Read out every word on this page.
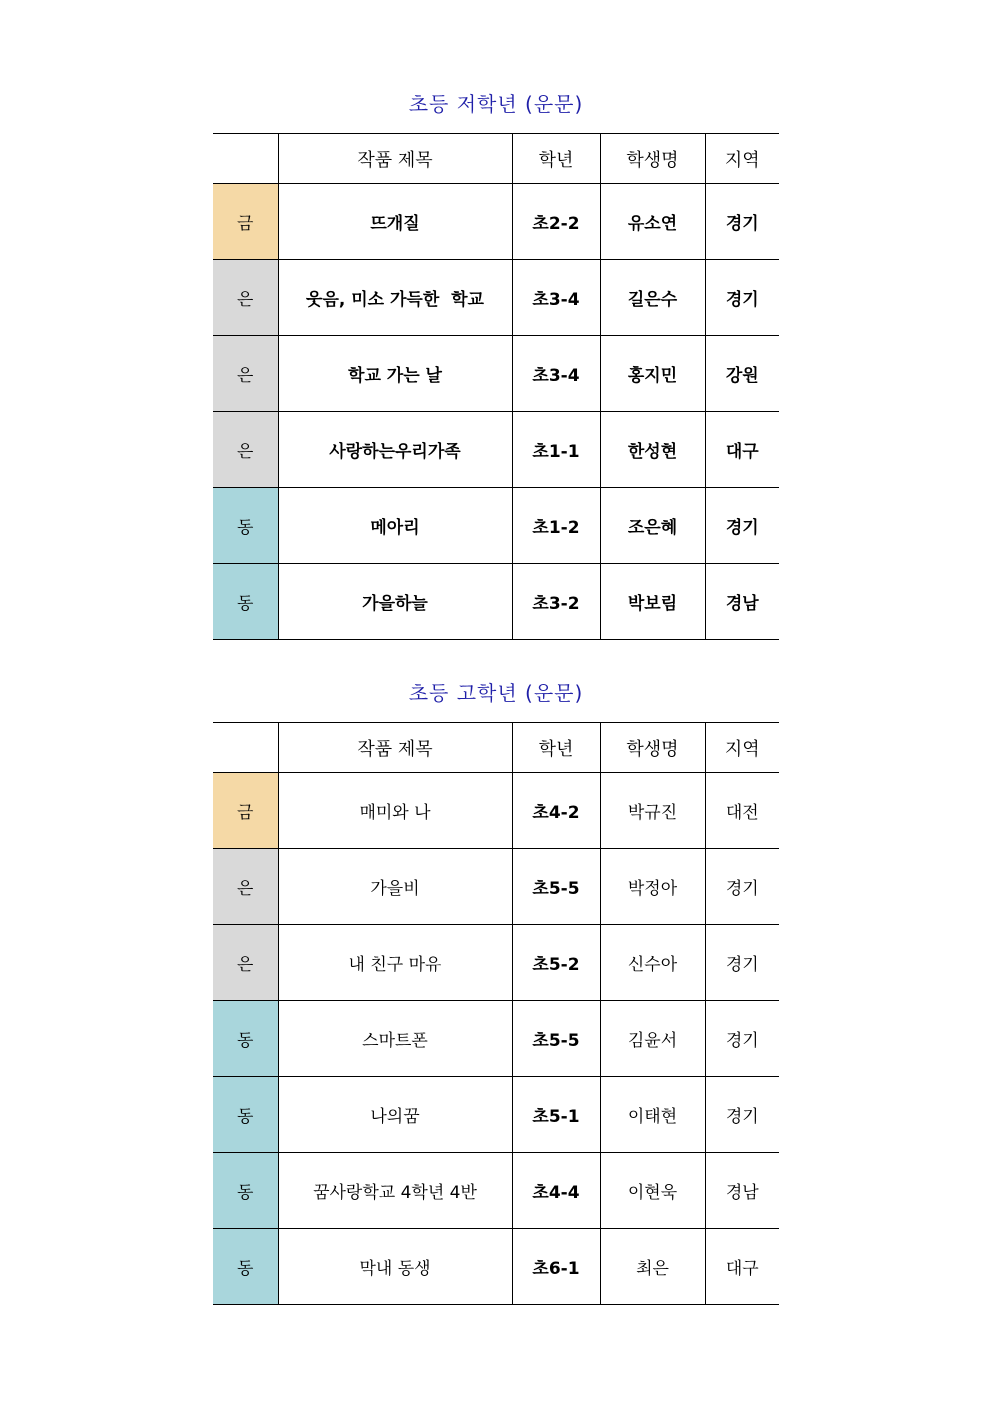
초등 저학년 (운문)
	작품 제목	학년	학생명	지역
금	뜨개질	초2-2	유소연	경기
은	웃음, 미소 가득한  학교	초3-4	길은수	경기
은	학교 가는 날	초3-4	홍지민	강원
은	사랑하는우리가족	초1-1	한성현	대구
동	메아리	초1-2	조은혜	경기
동	가을하늘	초3-2	박보림	경남
초등 고학년 (운문)
	작품 제목	학년	학생명	지역
금	매미와 나	초4-2	박규진	대전
은	가을비	초5-5	박정아	경기
은	내 친구 마유	초5-2	신수아	경기
동	스마트폰	초5-5	김윤서	경기
동	나의꿈	초5-1	이태현	경기
동	꿈사랑학교 4학년 4반	초4-4	이현욱	경남
동	막내 동생	초6-1	최은	대구
